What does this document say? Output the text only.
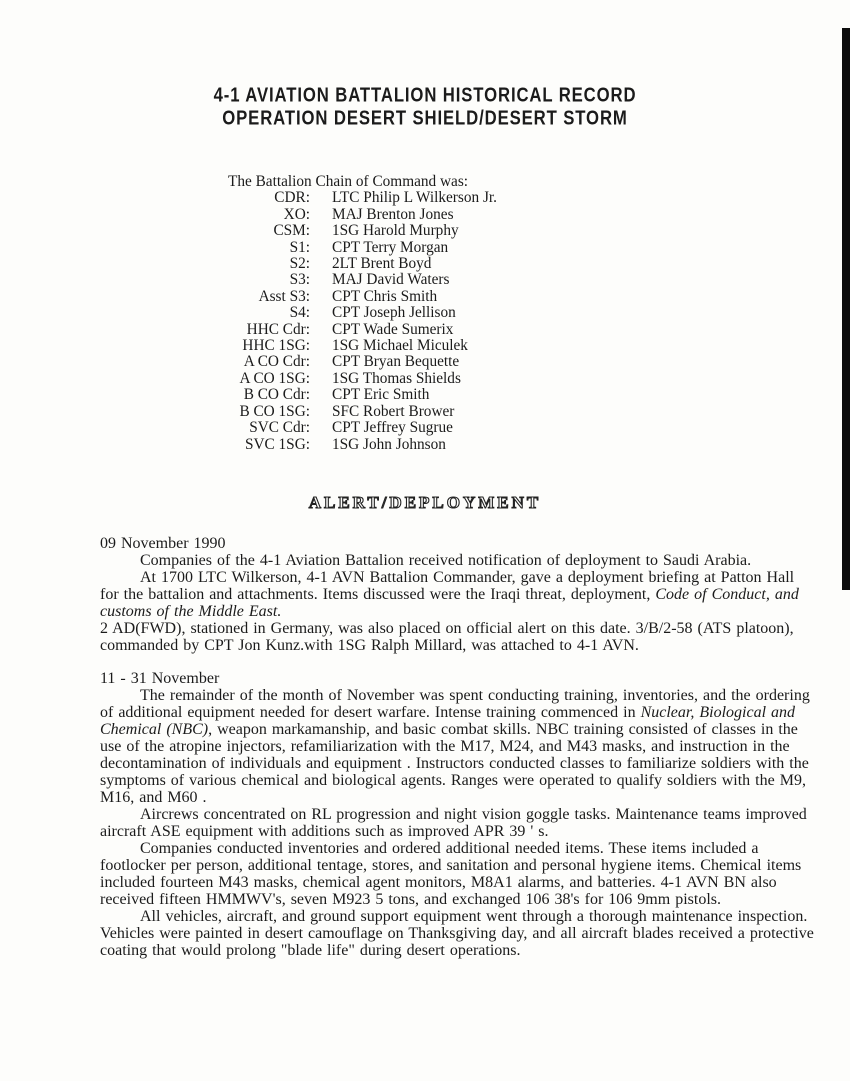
4-1 AVIATION BATTALION HISTORICAL RECORD
OPERATION DESERT SHIELD/DESERT STORM
The Battalion Chain of Command was:
CDR:	LTC Philip L Wilkerson Jr.
XO:	MAJ Brenton Jones
CSM:	1SG Harold Murphy
S1:	CPT Terry Morgan
S2:	2LT Brent Boyd
S3:	MAJ David Waters
Asst S3:	CPT Chris Smith
S4:	CPT Joseph Jellison
HHC Cdr:	CPT Wade Sumerix
HHC 1SG:	1SG Michael Miculek
A CO Cdr:	CPT Bryan Bequette
A CO 1SG:	1SG Thomas Shields
B CO Cdr:	CPT Eric Smith
B CO 1SG:	SFC Robert Brower
SVC Cdr:	CPT Jeffrey Sugrue
SVC 1SG:	1SG John Johnson
ALERT/DEPLOYMENT
09 November 1990

Companies of the 4-1 Aviation Battalion received notification of deployment to Saudi Arabia.

At 1700 LTC Wilkerson, 4-1 AVN Battalion Commander, gave a deployment briefing at Patton Hall for the battalion and attachments. Items discussed were the Iraqi threat, deployment, Code of Conduct, and customs of the Middle East.

2 AD(FWD), stationed in Germany, was also placed on official alert on this date. 3/B/2-58 (ATS platoon), commanded by CPT Jon Kunz.with 1SG Ralph Millard, was attached to 4-1 AVN.

11 - 31 November

The remainder of the month of November was spent conducting training, inventories, and the ordering of additional equipment needed for desert warfare. Intense training commenced in Nuclear, Biological and Chemical (NBC), weapon markamanship, and basic combat skills. NBC training consisted of classes in the use of the atropine injectors, refamiliarization with the M17, M24, and M43 masks, and instruction in the decontamination of individuals and equipment . Instructors conducted classes to familiarize soldiers with the symptoms of various chemical and biological agents. Ranges were operated to qualify soldiers with the M9, M16, and M60 .

Aircrews concentrated on RL progression and night vision goggle tasks. Maintenance teams improved aircraft ASE equipment with additions such as improved APR 39 ' s.

Companies conducted inventories and ordered additional needed items. These items included a footlocker per person, additional tentage, stores, and sanitation and personal hygiene items. Chemical items included fourteen M43 masks, chemical agent monitors, M8A1 alarms, and batteries. 4-1 AVN BN also received fifteen HMMWV's, seven M923 5 tons, and exchanged 106 38's for 106 9mm pistols.

All vehicles, aircraft, and ground support equipment went through a thorough maintenance inspection. Vehicles were painted in desert camouflage on Thanksgiving day, and all aircraft blades received a protective coating that would prolong "blade life" during desert operations.
